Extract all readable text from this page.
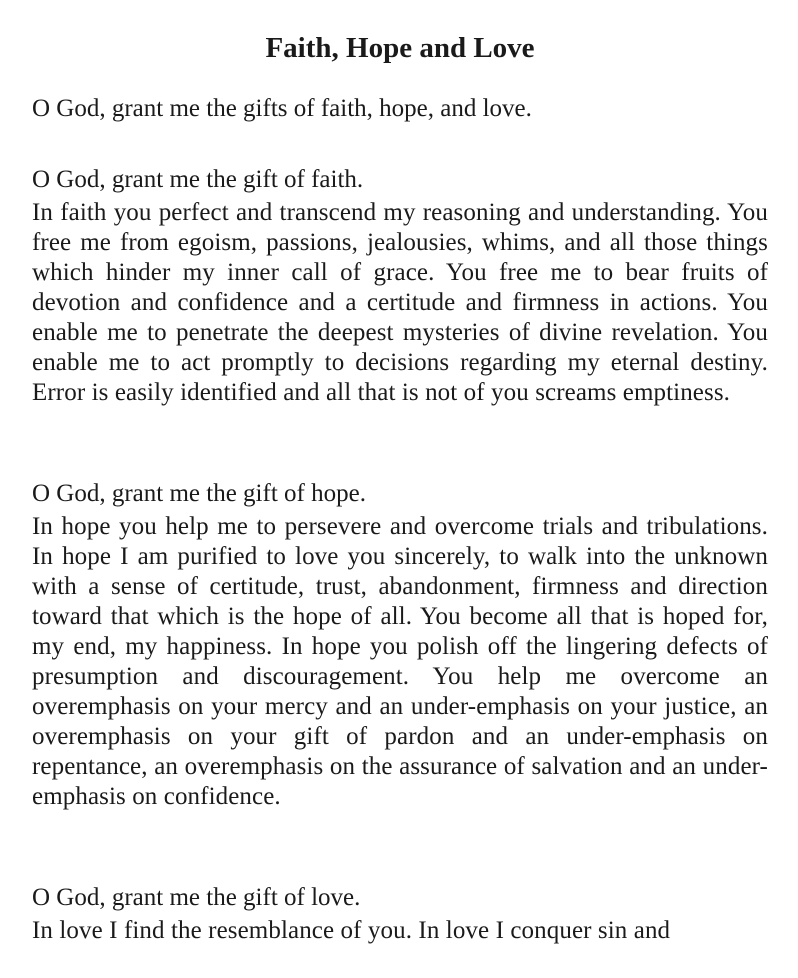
Faith, Hope and Love

O God, grant me the gifts of faith, hope, and love.

O God, grant me the gift of faith.

In faith you perfect and transcend my reasoning and understanding. You free me from egoism, passions, jealousies, whims, and all those things which hinder my inner call of grace. You free me to bear fruits of devotion and confidence and a certitude and firmness in actions. You enable me to penetrate the deepest mysteries of divine revelation. You enable me to act promptly to decisions regarding my eternal destiny. Error is easily identified and all that is not of you screams emptiness.

O God, grant me the gift of hope.

In hope you help me to persevere and overcome trials and tribulations. In hope I am purified to love you sincerely, to walk into the unknown with a sense of certitude, trust, abandonment, firmness and direction toward that which is the hope of all. You become all that is hoped for, my end, my happiness. In hope you polish off the lingering defects of presumption and discouragement. You help me overcome an overemphasis on your mercy and an under-emphasis on your justice, an overemphasis on your gift of pardon and an under-emphasis on repentance, an overemphasis on the assurance of salvation and an under-emphasis on confidence.

O God, grant me the gift of love.

In love I find the resemblance of you. In love I conquer sin and
